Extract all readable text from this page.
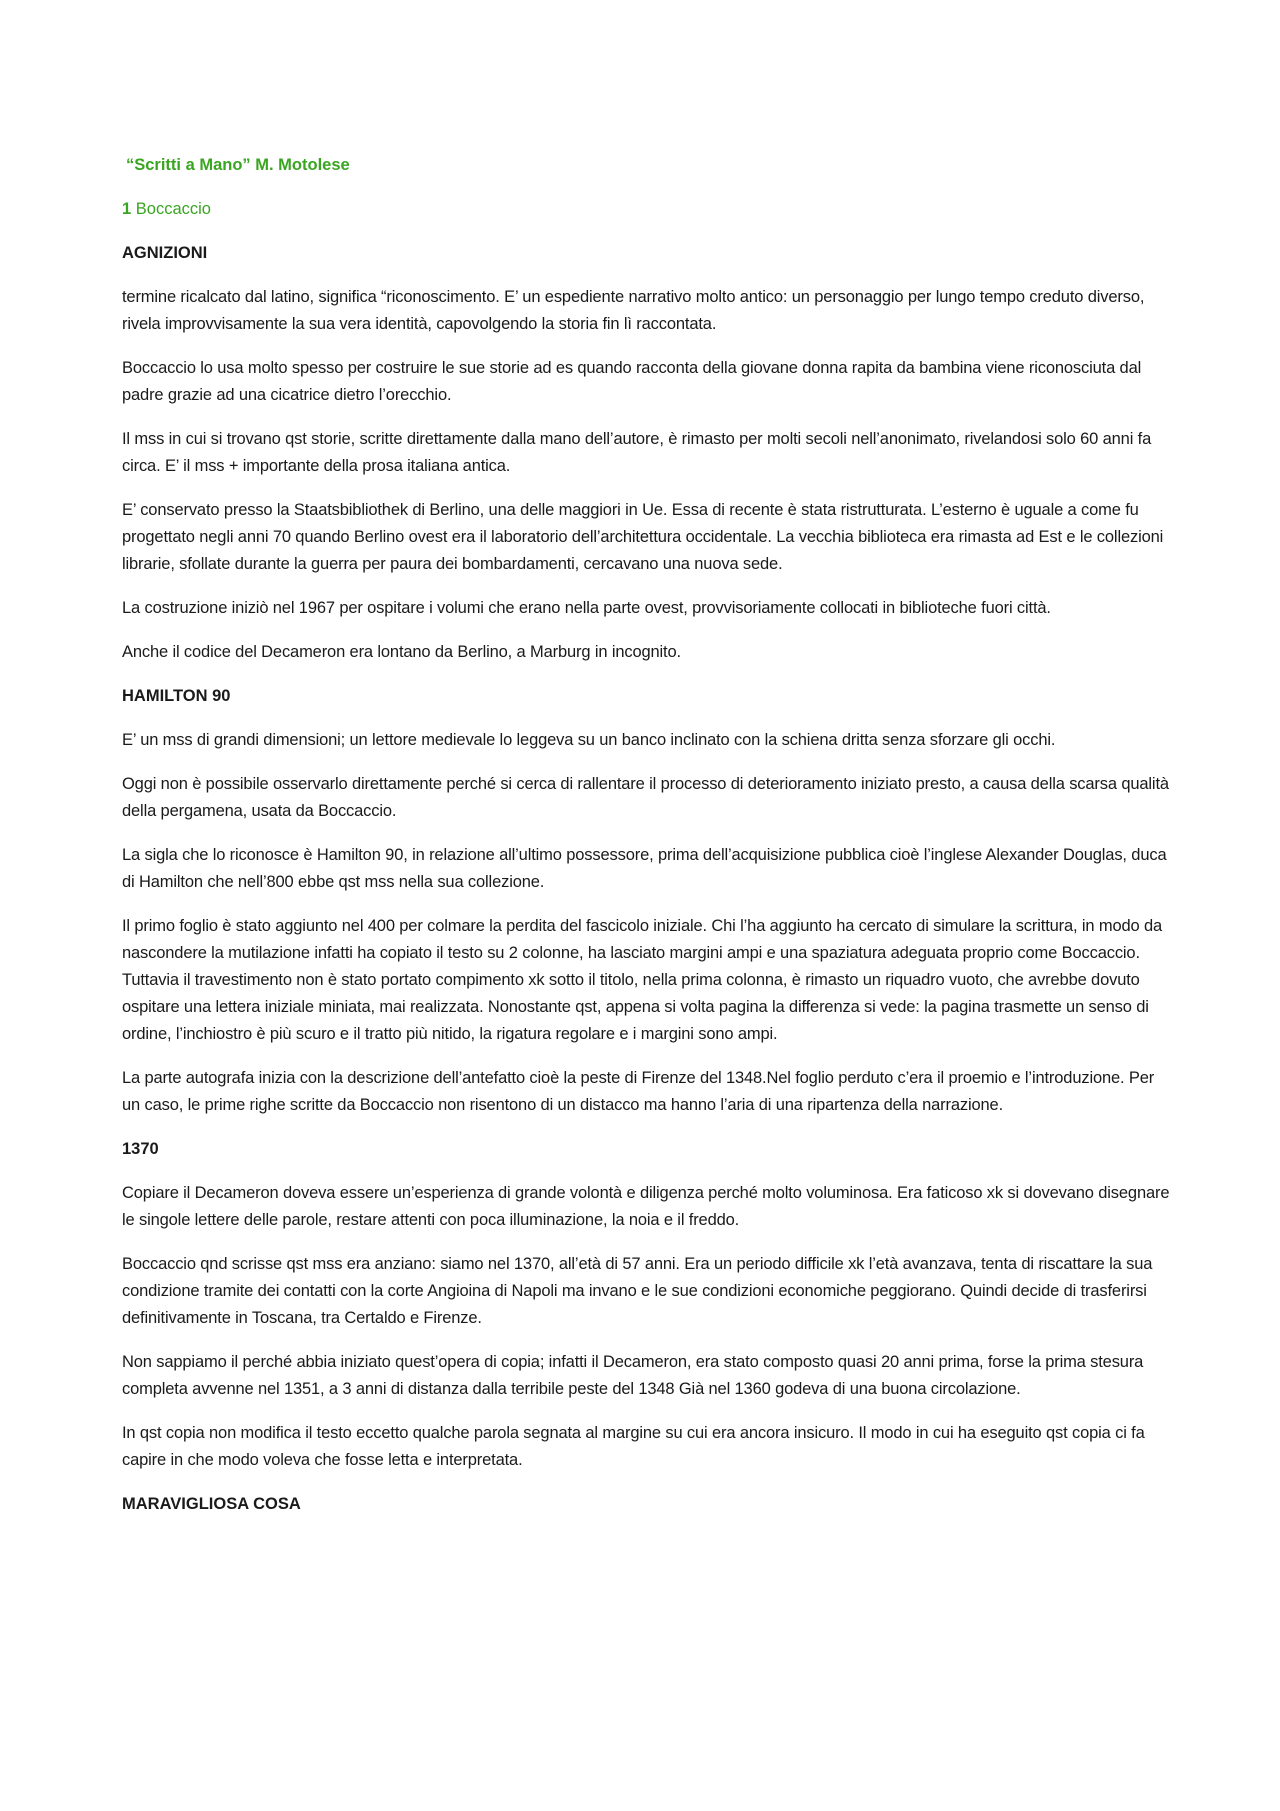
“Scritti a Mano” M. Motolese

1 Boccaccio

AGNIZIONI

termine ricalcato dal latino, significa “riconoscimento. E’ un espediente narrativo molto antico: un personaggio per lungo tempo creduto diverso, rivela improvvisamente la sua vera identità, capovolgendo la storia fin lì raccontata.

Boccaccio lo usa molto spesso per costruire le sue storie ad es quando racconta della giovane donna rapita da bambina viene riconosciuta dal padre grazie ad una cicatrice dietro l’orecchio.

Il mss in cui si trovano qst storie, scritte direttamente dalla mano dell’autore, è rimasto per molti secoli nell’anonimato, rivelandosi solo 60 anni fa circa. E’ il mss + importante della prosa italiana antica.

E’ conservato presso la Staatsbibliothek di Berlino, una delle maggiori in Ue. Essa di recente è stata ristrutturata. L’esterno è uguale a come fu progettato negli anni 70 quando Berlino ovest era il laboratorio dell’architettura occidentale. La vecchia biblioteca era rimasta ad Est e le collezioni librarie, sfollate durante la guerra per paura dei bombardamenti, cercavano una nuova sede.

La costruzione iniziò nel 1967 per ospitare i volumi che erano nella parte ovest, provvisoriamente collocati in biblioteche fuori città.

Anche il codice del Decameron era lontano da Berlino, a Marburg in incognito.

HAMILTON 90

E’ un mss di grandi dimensioni; un lettore medievale lo leggeva su un banco inclinato con la schiena dritta senza sforzare gli occhi.

Oggi non è possibile osservarlo direttamente perché si cerca di rallentare il processo di deterioramento iniziato presto, a causa della scarsa qualità della pergamena, usata da Boccaccio.

La sigla che lo riconosce è Hamilton 90, in relazione all’ultimo possessore, prima dell’acquisizione pubblica cioè l’inglese Alexander Douglas, duca di Hamilton che nell’800 ebbe qst mss nella sua collezione.

Il primo foglio è stato aggiunto nel 400 per colmare la perdita del fascicolo iniziale. Chi l’ha aggiunto ha cercato di simulare la scrittura, in modo da nascondere la mutilazione infatti ha copiato il testo su 2 colonne, ha lasciato margini ampi e una spaziatura adeguata proprio come Boccaccio. Tuttavia il travestimento non è stato portato compimento xk sotto il titolo, nella prima colonna, è rimasto un riquadro vuoto, che avrebbe dovuto ospitare una lettera iniziale miniata, mai realizzata. Nonostante qst, appena si volta pagina la differenza si vede: la pagina trasmette un senso di ordine, l’inchiostro è più scuro e il tratto più nitido, la rigatura regolare e i margini sono ampi.

La parte autografa inizia con la descrizione dell’antefatto cioè la peste di Firenze del 1348.Nel foglio perduto c’era il proemio e l’introduzione. Per un caso, le prime righe scritte da Boccaccio non risentono di un distacco ma hanno l’aria di una ripartenza della narrazione.

1370

Copiare il Decameron doveva essere un’esperienza di grande volontà e diligenza perché molto voluminosa. Era faticoso xk si dovevano disegnare le singole lettere delle parole, restare attenti con poca illuminazione, la noia e il freddo.

Boccaccio qnd scrisse qst mss era anziano: siamo nel 1370, all’età di 57 anni. Era un periodo difficile xk l’età avanzava, tenta di riscattare la sua condizione tramite dei contatti con la corte Angioina di Napoli ma invano e le sue condizioni economiche peggiorano. Quindi decide di trasferirsi definitivamente in Toscana, tra Certaldo e Firenze.

Non sappiamo il perché abbia iniziato quest’opera di copia; infatti il Decameron, era stato composto quasi 20 anni prima, forse la prima stesura completa avvenne nel 1351, a 3 anni di distanza dalla terribile peste del 1348 Già nel 1360 godeva di una buona circolazione.

In qst copia non modifica il testo eccetto qualche parola segnata al margine su cui era ancora insicuro. Il modo in cui ha eseguito qst copia ci fa capire in che modo voleva che fosse letta e interpretata.

MARAVIGLIOSA COSA
